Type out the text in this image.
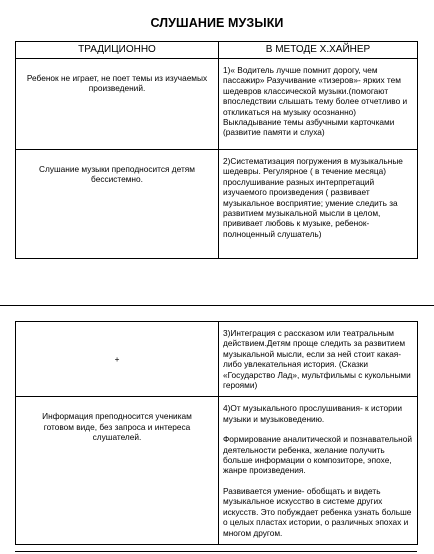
СЛУШАНИЕ МУЗЫКИ
ТРАДИЦИОННО	В МЕТОДЕ Х.ХАЙНЕР
Ребенок не играет, не поет темы из изучаемых произведений.	1)« Водитель лучше помнит дорогу, чем пассажир» Разучивание «тизеров»- ярких тем шедевров классической музыки.(помогают впоследствии слышать тему более отчетливо и откликаться на музыку осознанно) Выкладывание темы азбучными карточками (развитие памяти и слуха)
Слушание музыки преподносится детям бессистемно.	2)Систематизация погружения в музыкальные шедевры. Регулярное ( в течение месяца) прослушивание разных интерпретаций изучаемого произведения ( развивает музыкальное восприятие; умение следить за развитием музыкальной мысли в целом, прививает любовь к музыке, ребенок-полноценный слушатель)
+	3)Интеграция с рассказом или театральным действием.Детям проще следить за развитием музыкальной мысли, если за ней стоит какая-либо увлекательная история. (Сказки «Государство Лад», мультфильмы с кукольными героями)
Информация преподносится ученикам готовом виде, без запроса и интереса слушателей.	4)От музыкального прослушивания- к истории музыки и музыковедению.

Формирование аналитической и познавательной деятельности ребенка, желание получить больше информации о композиторе, эпохе, жанре произведения.

Развивается умение- обобщать и видеть музыкальное искусство в системе других искусств. Это побуждает ребенка узнать больше о целых пластах истории, о различных эпохах и многом другом.
